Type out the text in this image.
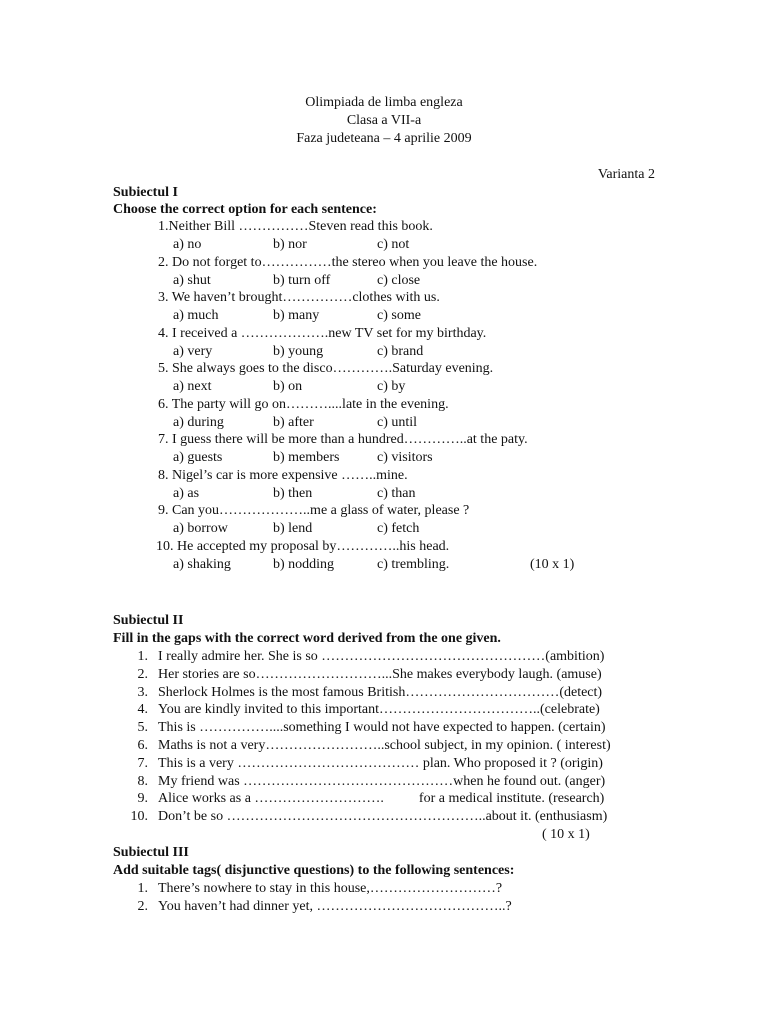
Olimpiada de limba engleza
Clasa a VII-a
Faza judeteana – 4 aprilie 2009
Varianta 2
Subiectul I
Choose the correct option for each sentence:
1.Neither Bill ……………Steven read this book.
a) no	b) nor	c) not
2. Do not forget to……………the stereo when you leave the house.
a) shut	b) turn off	c) close
3. We haven’t brought……………clothes with us.
a) much	b) many	c) some
4. I received a ……………….new TV set for my birthday.
a) very	b) young	c) brand
5. She always goes to the disco………….Saturday evening.
a) next	b) on	c) by
6. The party will go on………....late in the evening.
a) during	b) after	c) until
7. I guess there will be more than a hundred…………..at the paty.
a) guests	b) members	c) visitors
8. Nigel’s car is more expensive ……..mine.
a) as	b) then	c) than
9. Can you………………..me a glass of water, please ?
a) borrow	b) lend	c) fetch
10. He accepted my proposal by…………..his head.
a) shaking	b) nodding	c) trembling.	(10 x 1)
Subiectul II
Fill in the gaps with the correct word derived from the one given.
1. I really admire her. She is so …………………………………………(ambition)
2. Her stories are so………………………...She makes everybody laugh. (amuse)
3. Sherlock Holmes is the most famous British……………………………(detect)
4. You are kindly invited to this important……………………………..(celebrate)
5. This is ……………....something I would not have expected to happen. (certain)
6. Maths is not a very……………………..school subject, in my opinion. ( interest)
7. This is a very ………………………………… plan. Who proposed it ? (origin)
8. My friend was ………………………………………when he found out. (anger)
9. Alice works as a ……………………….          for a medical institute. (research)
10. Don’t be so ………………………………………………..about it. (enthusiasm)
( 10 x 1)
Subiectul III
Add suitable tags( disjunctive questions) to the following sentences:
1. There’s nowhere to stay in this house,………………………?
2. You haven’t had dinner yet, …………………………………..?
